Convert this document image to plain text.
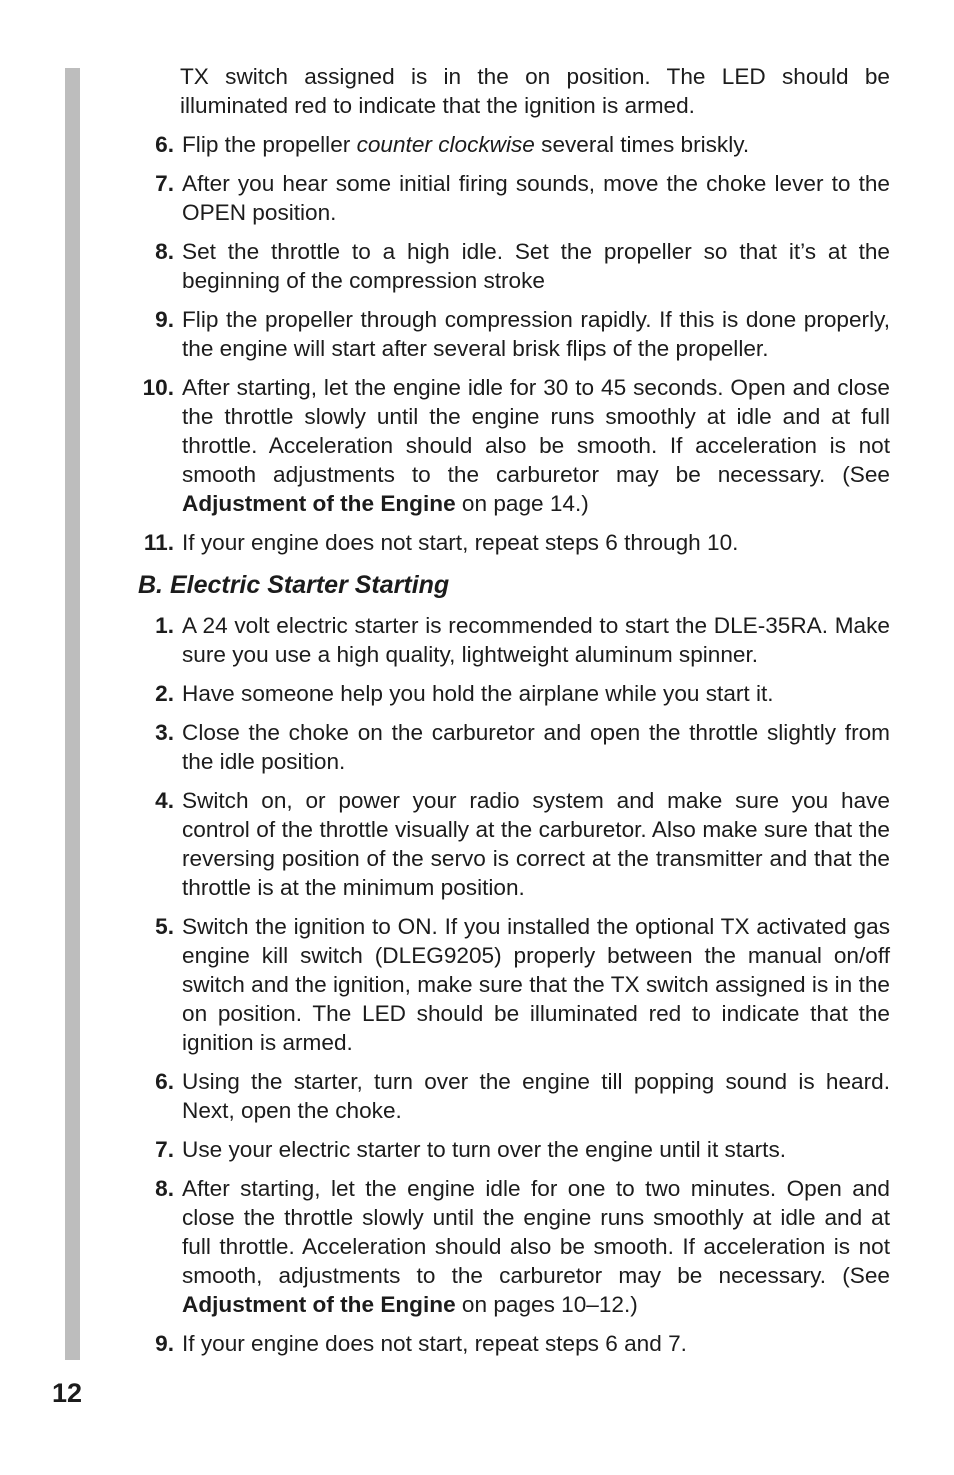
TX switch assigned is in the on position. The LED should be illuminated red to indicate that the ignition is armed.
6. Flip the propeller counter clockwise several times briskly.
7. After you hear some initial firing sounds, move the choke lever to the OPEN position.
8. Set the throttle to a high idle. Set the propeller so that it’s at the beginning of the compression stroke
9. Flip the propeller through compression rapidly. If this is done properly, the engine will start after several brisk flips of the propeller.
10. After starting, let the engine idle for 30 to 45 seconds. Open and close the throttle slowly until the engine runs smoothly at idle and at full throttle. Acceleration should also be smooth. If acceleration is not smooth adjustments to the carburetor may be necessary. (See Adjustment of the Engine on page 14.)
11. If your engine does not start, repeat steps 6 through 10.
B. Electric Starter Starting
1. A 24 volt electric starter is recommended to start the DLE-35RA. Make sure you use a high quality, lightweight aluminum spinner.
2. Have someone help you hold the airplane while you start it.
3. Close the choke on the carburetor and open the throttle slightly from the idle position.
4. Switch on, or power your radio system and make sure you have control of the throttle visually at the carburetor. Also make sure that the reversing position of the servo is correct at the transmitter and that the throttle is at the minimum position.
5. Switch the ignition to ON. If you installed the optional TX activated gas engine kill switch (DLEG9205) properly between the manual on/off switch and the ignition, make sure that the TX switch assigned is in the on position. The LED should be illuminated red to indicate that the ignition is armed.
6. Using the starter, turn over the engine till popping sound is heard. Next, open the choke.
7. Use your electric starter to turn over the engine until it starts.
8. After starting, let the engine idle for one to two minutes. Open and close the throttle slowly until the engine runs smoothly at idle and at full throttle. Acceleration should also be smooth. If acceleration is not smooth, adjustments to the carburetor may be necessary. (See Adjustment of the Engine on pages 10–12.)
9. If your engine does not start, repeat steps 6 and 7.
12
